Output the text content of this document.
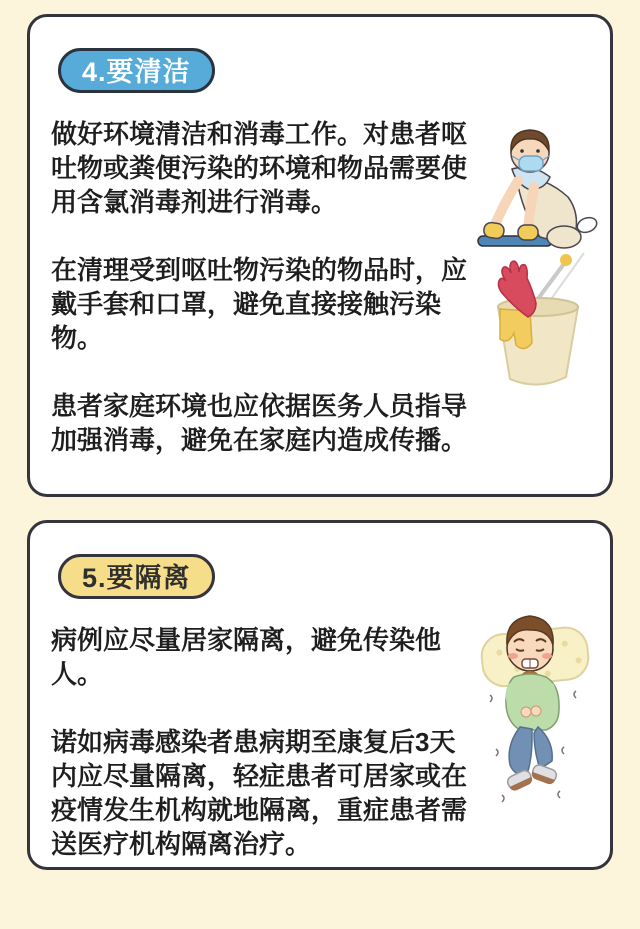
4.要清洁

做好环境清洁和消毒工作。对患者呕吐物或粪便污染的环境和物品需要使用含氯消毒剂进行消毒。

在清理受到呕吐物污染的物品时，应戴手套和口罩，避免直接接触污染物。

患者家庭环境也应依据医务人员指导加强消毒，避免在家庭内造成传播。

5.要隔离

病例应尽量居家隔离，避免传染他人。

诺如病毒感染者患病期至康复后3天内应尽量隔离，轻症患者可居家或在疫情发生机构就地隔离，重症患者需送医疗机构隔离治疗。
